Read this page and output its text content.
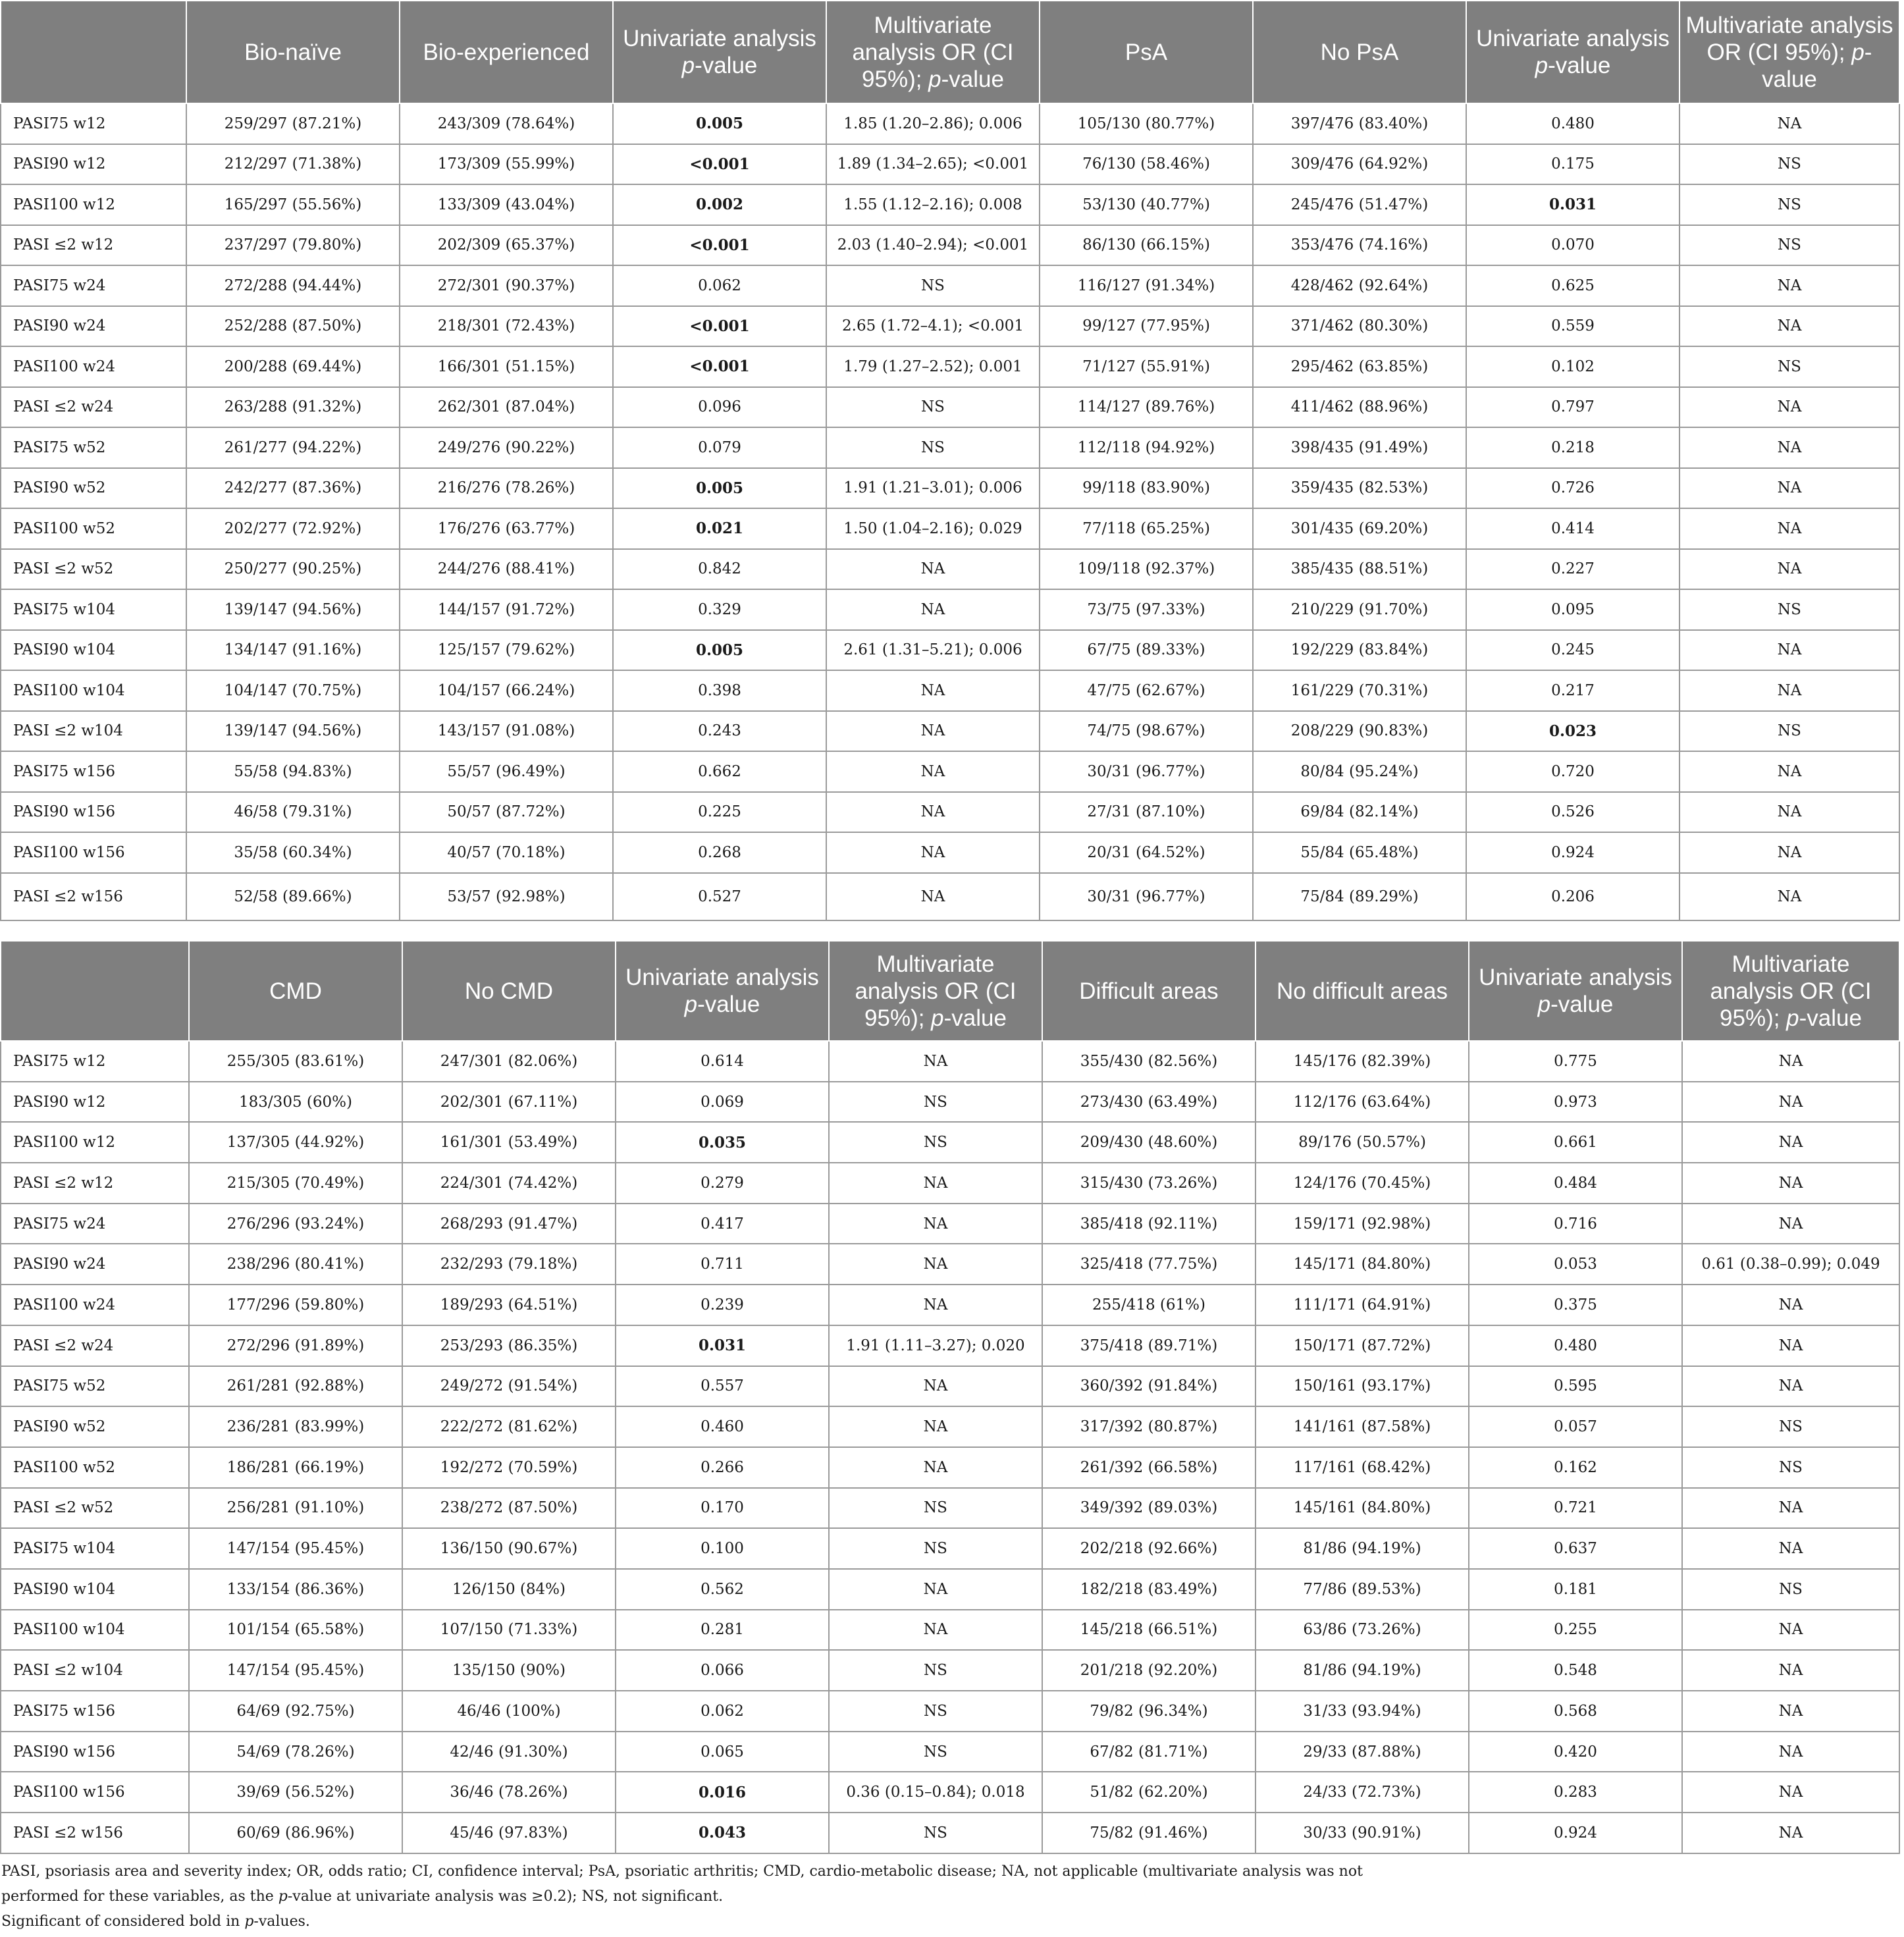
	Bio-naïve	Bio-experienced	Univariate analysis p-value	Multivariate analysis OR (CI 95%); p-value	PsA	No PsA	Univariate analysis p-value	Multivariate analysis OR (CI 95%); p-value
PASI75 w12	259/297 (87.21%)	243/309 (78.64%)	0.005	1.85 (1.20–2.86); 0.006	105/130 (80.77%)	397/476 (83.40%)	0.480	NA
PASI90 w12	212/297 (71.38%)	173/309 (55.99%)	<0.001	1.89 (1.34–2.65); <0.001	76/130 (58.46%)	309/476 (64.92%)	0.175	NS
PASI100 w12	165/297 (55.56%)	133/309 (43.04%)	0.002	1.55 (1.12–2.16); 0.008	53/130 (40.77%)	245/476 (51.47%)	0.031	NS
PASI ≤2 w12	237/297 (79.80%)	202/309 (65.37%)	<0.001	2.03 (1.40–2.94); <0.001	86/130 (66.15%)	353/476 (74.16%)	0.070	NS
PASI75 w24	272/288 (94.44%)	272/301 (90.37%)	0.062	NS	116/127 (91.34%)	428/462 (92.64%)	0.625	NA
PASI90 w24	252/288 (87.50%)	218/301 (72.43%)	<0.001	2.65 (1.72–4.1); <0.001	99/127 (77.95%)	371/462 (80.30%)	0.559	NA
PASI100 w24	200/288 (69.44%)	166/301 (51.15%)	<0.001	1.79 (1.27–2.52); 0.001	71/127 (55.91%)	295/462 (63.85%)	0.102	NS
PASI ≤2 w24	263/288 (91.32%)	262/301 (87.04%)	0.096	NS	114/127 (89.76%)	411/462 (88.96%)	0.797	NA
PASI75 w52	261/277 (94.22%)	249/276 (90.22%)	0.079	NS	112/118 (94.92%)	398/435 (91.49%)	0.218	NA
PASI90 w52	242/277 (87.36%)	216/276 (78.26%)	0.005	1.91 (1.21–3.01); 0.006	99/118 (83.90%)	359/435 (82.53%)	0.726	NA
PASI100 w52	202/277 (72.92%)	176/276 (63.77%)	0.021	1.50 (1.04–2.16); 0.029	77/118 (65.25%)	301/435 (69.20%)	0.414	NA
PASI ≤2 w52	250/277 (90.25%)	244/276 (88.41%)	0.842	NA	109/118 (92.37%)	385/435 (88.51%)	0.227	NA
PASI75 w104	139/147 (94.56%)	144/157 (91.72%)	0.329	NA	73/75 (97.33%)	210/229 (91.70%)	0.095	NS
PASI90 w104	134/147 (91.16%)	125/157 (79.62%)	0.005	2.61 (1.31–5.21); 0.006	67/75 (89.33%)	192/229 (83.84%)	0.245	NA
PASI100 w104	104/147 (70.75%)	104/157 (66.24%)	0.398	NA	47/75 (62.67%)	161/229 (70.31%)	0.217	NA
PASI ≤2 w104	139/147 (94.56%)	143/157 (91.08%)	0.243	NA	74/75 (98.67%)	208/229 (90.83%)	0.023	NS
PASI75 w156	55/58 (94.83%)	55/57 (96.49%)	0.662	NA	30/31 (96.77%)	80/84 (95.24%)	0.720	NA
PASI90 w156	46/58 (79.31%)	50/57 (87.72%)	0.225	NA	27/31 (87.10%)	69/84 (82.14%)	0.526	NA
PASI100 w156	35/58 (60.34%)	40/57 (70.18%)	0.268	NA	20/31 (64.52%)	55/84 (65.48%)	0.924	NA
PASI ≤2 w156	52/58 (89.66%)	53/57 (92.98%)	0.527	NA	30/31 (96.77%)	75/84 (89.29%)	0.206	NA
	CMD	No CMD	Univariate analysis p-value	Multivariate analysis OR (CI 95%); p-value	Difficult areas	No difficult areas	Univariate analysis p-value	Multivariate analysis OR (CI 95%); p-value
PASI75 w12	255/305 (83.61%)	247/301 (82.06%)	0.614	NA	355/430 (82.56%)	145/176 (82.39%)	0.775	NA
PASI90 w12	183/305 (60%)	202/301 (67.11%)	0.069	NS	273/430 (63.49%)	112/176 (63.64%)	0.973	NA
PASI100 w12	137/305 (44.92%)	161/301 (53.49%)	0.035	NS	209/430 (48.60%)	89/176 (50.57%)	0.661	NA
PASI ≤2 w12	215/305 (70.49%)	224/301 (74.42%)	0.279	NA	315/430 (73.26%)	124/176 (70.45%)	0.484	NA
PASI75 w24	276/296 (93.24%)	268/293 (91.47%)	0.417	NA	385/418 (92.11%)	159/171 (92.98%)	0.716	NA
PASI90 w24	238/296 (80.41%)	232/293 (79.18%)	0.711	NA	325/418 (77.75%)	145/171 (84.80%)	0.053	0.61 (0.38–0.99); 0.049
PASI100 w24	177/296 (59.80%)	189/293 (64.51%)	0.239	NA	255/418 (61%)	111/171 (64.91%)	0.375	NA
PASI ≤2 w24	272/296 (91.89%)	253/293 (86.35%)	0.031	1.91 (1.11–3.27); 0.020	375/418 (89.71%)	150/171 (87.72%)	0.480	NA
PASI75 w52	261/281 (92.88%)	249/272 (91.54%)	0.557	NA	360/392 (91.84%)	150/161 (93.17%)	0.595	NA
PASI90 w52	236/281 (83.99%)	222/272 (81.62%)	0.460	NA	317/392 (80.87%)	141/161 (87.58%)	0.057	NS
PASI100 w52	186/281 (66.19%)	192/272 (70.59%)	0.266	NA	261/392 (66.58%)	117/161 (68.42%)	0.162	NS
PASI ≤2 w52	256/281 (91.10%)	238/272 (87.50%)	0.170	NS	349/392 (89.03%)	145/161 (84.80%)	0.721	NA
PASI75 w104	147/154 (95.45%)	136/150 (90.67%)	0.100	NS	202/218 (92.66%)	81/86 (94.19%)	0.637	NA
PASI90 w104	133/154 (86.36%)	126/150 (84%)	0.562	NA	182/218 (83.49%)	77/86 (89.53%)	0.181	NS
PASI100 w104	101/154 (65.58%)	107/150 (71.33%)	0.281	NA	145/218 (66.51%)	63/86 (73.26%)	0.255	NA
PASI ≤2 w104	147/154 (95.45%)	135/150 (90%)	0.066	NS	201/218 (92.20%)	81/86 (94.19%)	0.548	NA
PASI75 w156	64/69 (92.75%)	46/46 (100%)	0.062	NS	79/82 (96.34%)	31/33 (93.94%)	0.568	NA
PASI90 w156	54/69 (78.26%)	42/46 (91.30%)	0.065	NS	67/82 (81.71%)	29/33 (87.88%)	0.420	NA
PASI100 w156	39/69 (56.52%)	36/46 (78.26%)	0.016	0.36 (0.15–0.84); 0.018	51/82 (62.20%)	24/33 (72.73%)	0.283	NA
PASI ≤2 w156	60/69 (86.96%)	45/46 (97.83%)	0.043	NS	75/82 (91.46%)	30/33 (90.91%)	0.924	NA

PASI, psoriasis area and severity index; OR, odds ratio; CI, confidence interval; PsA, psoriatic arthritis; CMD, cardio-metabolic disease; NA, not applicable (multivariate analysis was not

performed for these variables, as the p-value at univariate analysis was ≥0.2); NS, not significant.

Significant of considered bold in p-values.
